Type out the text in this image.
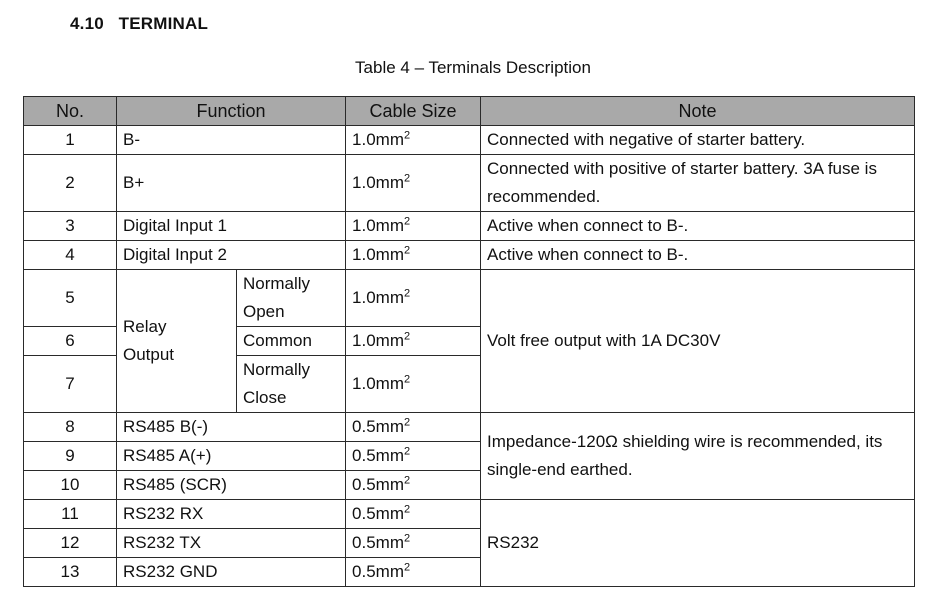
4.10 TERMINAL
Table 4 – Terminals Description
No.	Function		Cable Size	Note
1	B-		$1.0mm^2$	Connected with negative of starter battery.
2	B+		$1.0mm^2$	Connected with positive of starter battery. 3A fuse is recommended.
3	Digital Input 1		$1.0mm^2$	Active when connect to B-.
4	Digital Input 2		$1.0mm^2$	Active when connect to B-.
5	Relay Output	Normally Open	$1.0mm^2$	Volt free output with 1A DC30V
6		Common	$1.0mm^2$
7		Normally Close	$1.0mm^2$
8	RS485 B(-)		$0.5mm^2$	Impedance-120Ω shielding wire is recommended, its single-end earthed.
9	RS485 A(+)		$0.5mm^2$
10	RS485 (SCR)		$0.5mm^2$
11	RS232 RX		$0.5mm^2$	RS232
12	RS232 TX		$0.5mm^2$
13	RS232 GND		$0.5mm^2$
